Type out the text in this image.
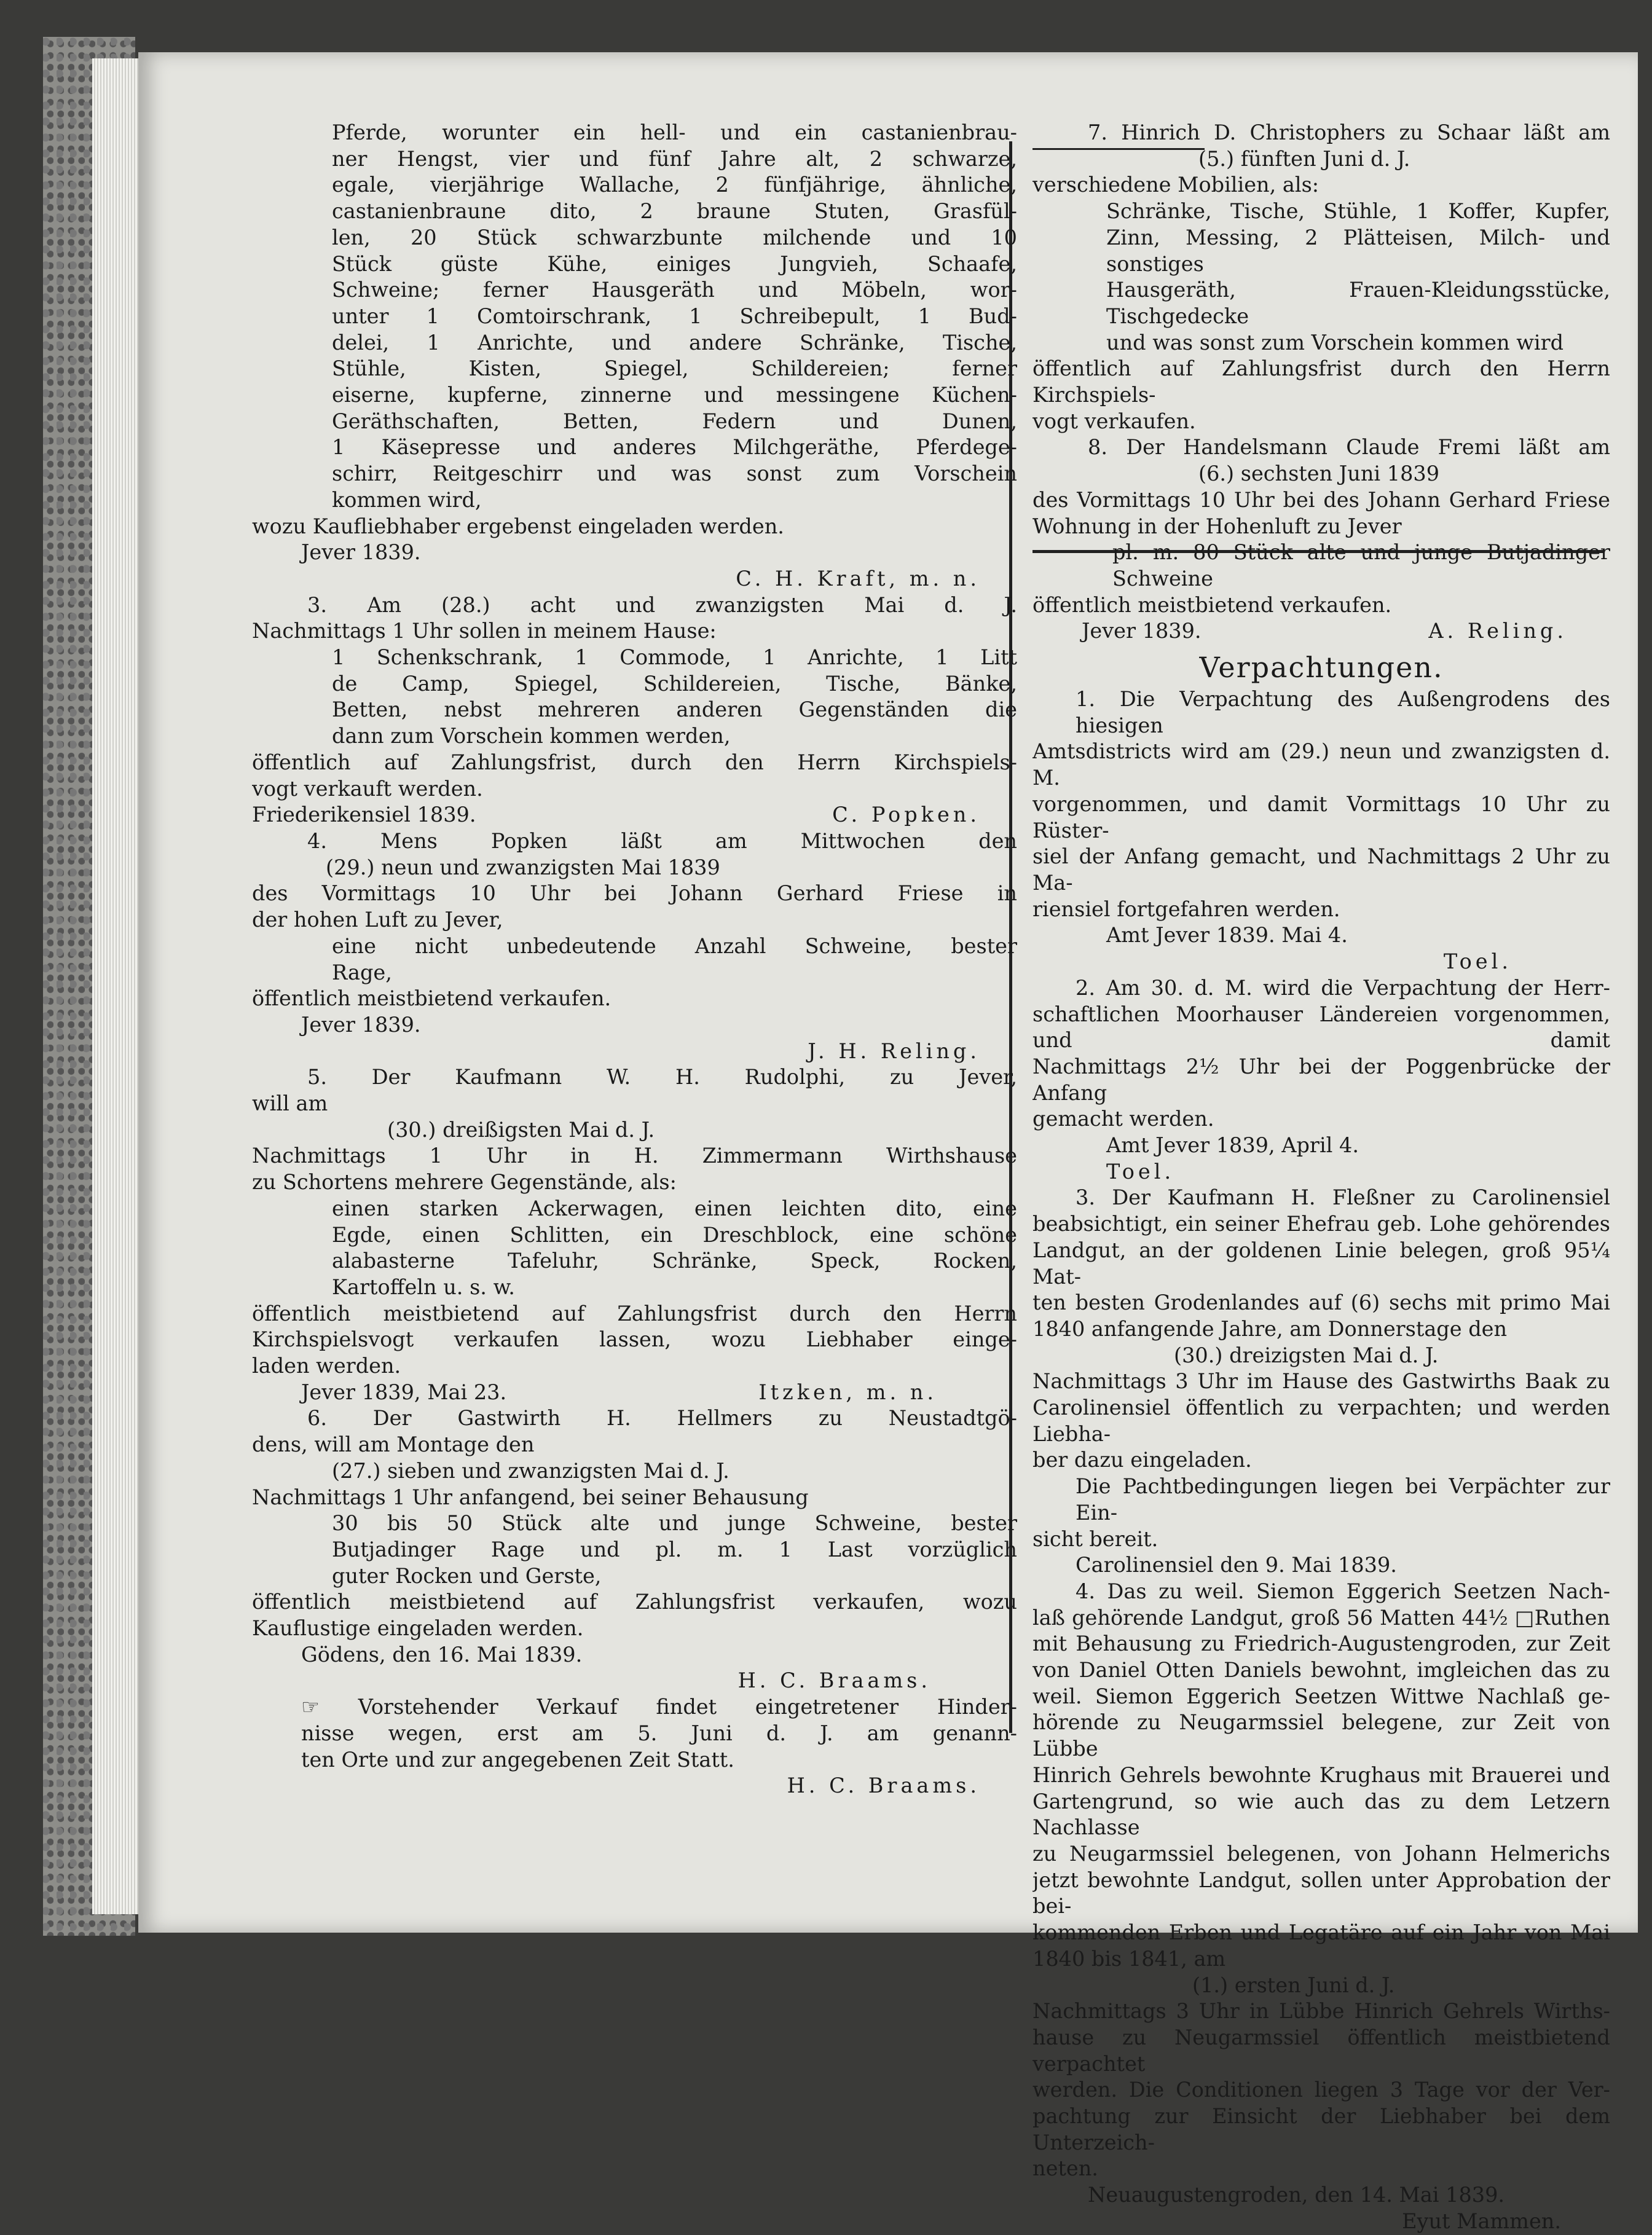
Pferde, worunter ein hell- und ein castanienbrau-

ner Hengst, vier und fünf Jahre alt, 2 schwarze,

egale, vierjährige Wallache, 2 fünfjährige, ähnliche,

castanienbraune dito, 2 braune Stuten, Grasfül-

len, 20 Stück schwarzbunte milchende und 10

Stück güste Kühe, einiges Jungvieh, Schaafe,

Schweine; ferner Hausgeräth und Möbeln, wor-

unter 1 Comtoirschrank, 1 Schreibepult, 1 Bud-

delei, 1 Anrichte, und andere Schränke, Tische,

Stühle, Kisten, Spiegel, Schildereien; ferner

eiserne, kupferne, zinnerne und messingene Küchen-

Geräthschaften, Betten, Federn und Dunen,

1 Käsepresse und anderes Milchgeräthe, Pferdege-

schirr, Reitgeschirr und was sonst zum Vorschein

kommen wird,

wozu Kaufliebhaber ergebenst eingeladen werden.

Jever 1839.

C. H. Kraft, m. n.

3. Am (28.) acht und zwanzigsten Mai d. J.

Nachmittags 1 Uhr sollen in meinem Hause:

1 Schenkschrank, 1 Commode, 1 Anrichte, 1 Litt

de Camp, Spiegel, Schildereien, Tische, Bänke,

Betten, nebst mehreren anderen Gegenständen die

dann zum Vorschein kommen werden,

öffentlich auf Zahlungsfrist, durch den Herrn Kirchspiels-

vogt verkauft werden.

Friederikensiel 1839.	C. Popken.

4. Mens Popken läßt am Mittwochen den

(29.) neun und zwanzigsten Mai 1839

des Vormittags 10 Uhr bei Johann Gerhard Friese in

der hohen Luft zu Jever,

eine nicht unbedeutende Anzahl Schweine, bester

Rage,

öffentlich meistbietend verkaufen.

Jever 1839.

J. H. Reling.

5. Der Kaufmann W. H. Rudolphi, zu Jever,

will am

(30.) dreißigsten Mai d. J.

Nachmittags 1 Uhr in H. Zimmermann Wirthshause

zu Schortens mehrere Gegenstände, als:

einen starken Ackerwagen, einen leichten dito, eine

Egde, einen Schlitten, ein Dreschblock, eine schöne

alabasterne Tafeluhr, Schränke, Speck, Rocken,

Kartoffeln u. s. w.

öffentlich meistbietend auf Zahlungsfrist durch den Herrn

Kirchspielsvogt verkaufen lassen, wozu Liebhaber einge-

laden werden.

Jever 1839, Mai 23.	Itzken, m. n.

6. Der Gastwirth H. Hellmers zu Neustadtgö-

dens, will am Montage den

(27.) sieben und zwanzigsten Mai d. J.

Nachmittags 1 Uhr anfangend, bei seiner Behausung

30 bis 50 Stück alte und junge Schweine, bester

Butjadinger Rage und pl. m. 1 Last vorzüglich

guter Rocken und Gerste,

öffentlich meistbietend auf Zahlungsfrist verkaufen, wozu

Kauflustige eingeladen werden.

Gödens, den 16. Mai 1839.

H. C. Braams.

☞ Vorstehender Verkauf findet eingetretener Hinder-

nisse wegen, erst am 5. Juni d. J. am genann-

ten Orte und zur angegebenen Zeit Statt.

H. C. Braams.

7. Hinrich D. Christophers zu Schaar läßt am

(5.) fünften Juni d. J.

verschiedene Mobilien, als:

Schränke, Tische, Stühle, 1 Koffer, Kupfer,

Zinn, Messing, 2 Plätteisen, Milch- und sonstiges

Hausgeräth, Frauen-Kleidungsstücke, Tischgedecke

und was sonst zum Vorschein kommen wird

öffentlich auf Zahlungsfrist durch den Herrn Kirchspiels-

vogt verkaufen.

8. Der Handelsmann Claude Fremi läßt am

(6.) sechsten Juni 1839

des Vormittags 10 Uhr bei des Johann Gerhard Friese

Wohnung in der Hohenluft zu Jever

pl. m. 80 Stück alte und junge Butjadinger

Schweine

öffentlich meistbietend verkaufen.

Jever 1839.	A. Reling.

Verpachtungen.

1. Die Verpachtung des Außengrodens des hiesigen

Amtsdistricts wird am (29.) neun und zwanzigsten d. M.

vorgenommen, und damit Vormittags 10 Uhr zu Rüster-

siel der Anfang gemacht, und Nachmittags 2 Uhr zu Ma-

riensiel fortgefahren werden.

Amt Jever 1839. Mai 4.

Toel.

2. Am 30. d. M. wird die Verpachtung der Herr-

schaftlichen Moorhauser Ländereien vorgenommen, und damit

Nachmittags 2½ Uhr bei der Poggenbrücke der Anfang

gemacht werden.

Amt Jever 1839, April 4.

Toel.

3. Der Kaufmann H. Fleßner zu Carolinensiel

beabsichtigt, ein seiner Ehefrau geb. Lohe gehörendes

Landgut, an der goldenen Linie belegen, groß 95¼ Mat-

ten besten Grodenlandes auf (6) sechs mit primo Mai

1840 anfangende Jahre, am Donnerstage den

(30.) dreizigsten Mai d. J.

Nachmittags 3 Uhr im Hause des Gastwirths Baak zu

Carolinensiel öffentlich zu verpachten; und werden Liebha-

ber dazu eingeladen.

Die Pachtbedingungen liegen bei Verpächter zur Ein-

sicht bereit.

Carolinensiel den 9. Mai 1839.

4. Das zu weil. Siemon Eggerich Seetzen Nach-

laß gehörende Landgut, groß 56 Matten 44½ □Ruthen

mit Behausung zu Friedrich-Augustengroden, zur Zeit

von Daniel Otten Daniels bewohnt, imgleichen das zu

weil. Siemon Eggerich Seetzen Wittwe Nachlaß ge-

hörende zu Neugarmssiel belegene, zur Zeit von Lübbe

Hinrich Gehrels bewohnte Krughaus mit Brauerei und

Gartengrund, so wie auch das zu dem Letzern Nachlasse

zu Neugarmssiel belegenen, von Johann Helmerichs

jetzt bewohnte Landgut, sollen unter Approbation der bei-

kommenden Erben und Legatäre auf ein Jahr von Mai

1840 bis 1841, am

(1.) ersten Juni d. J.

Nachmittags 3 Uhr in Lübbe Hinrich Gehrels Wirths-

hause zu Neugarmssiel öffentlich meistbietend verpachtet

werden. Die Conditionen liegen 3 Tage vor der Ver-

pachtung zur Einsicht der Liebhaber bei dem Unterzeich-

neten.

Neuaugustengroden, den 14. Mai 1839.

Eyut Mammen.
